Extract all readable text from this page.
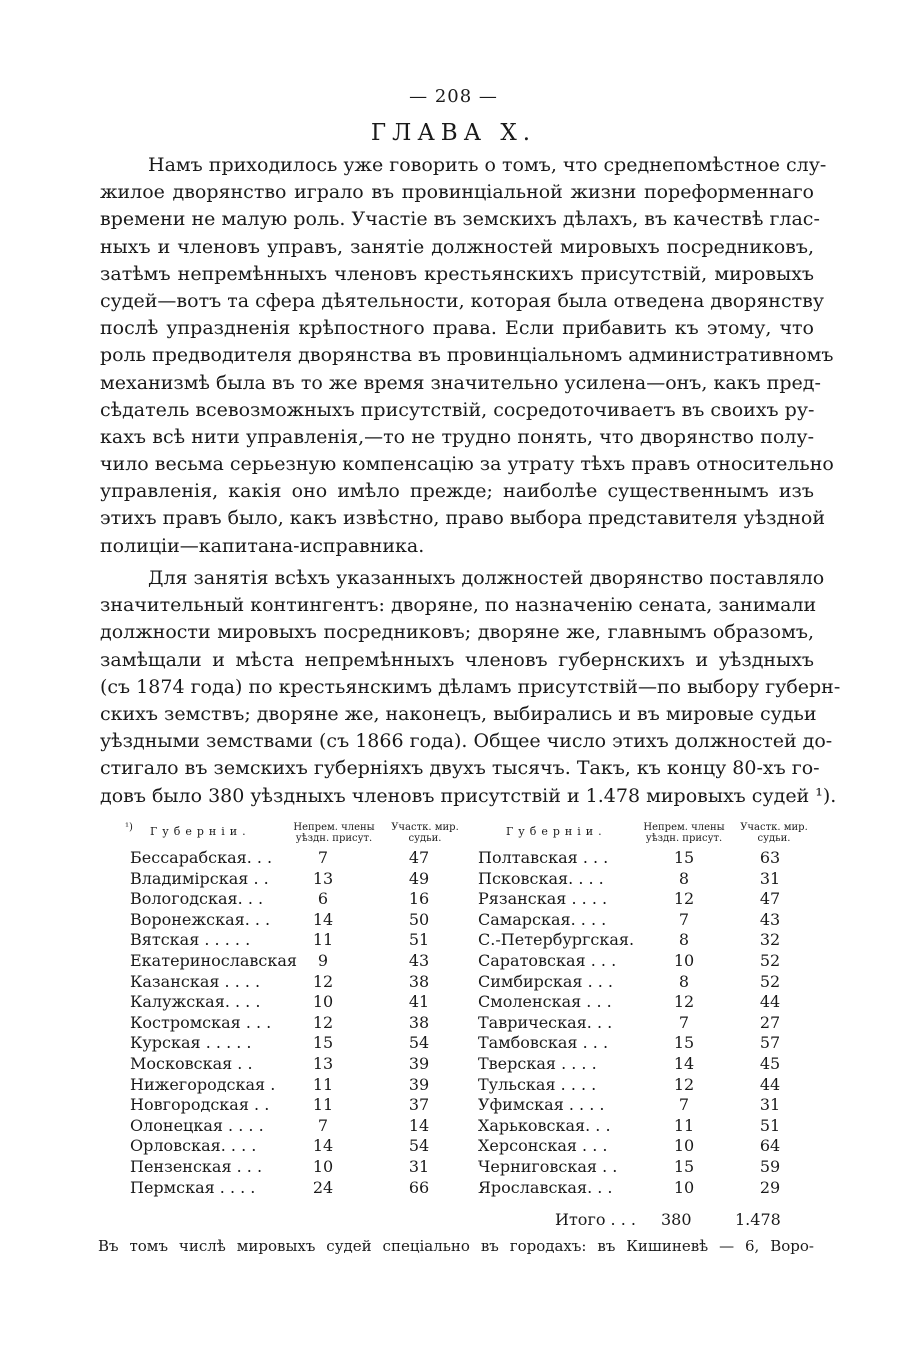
— 208 —
ГЛАВА X.
Намъ приходилось уже говорить о томъ, что среднепомѣстное слу-
жилое дворянство играло въ провинціальной жизни пореформеннаго
времени не малую роль. Участіе въ земскихъ дѣлахъ, въ качествѣ глас-
ныхъ и членовъ управъ, занятіе должностей мировыхъ посредниковъ,
затѣмъ непремѣнныхъ членовъ крестьянскихъ присутствій, мировыхъ
судей—вотъ та сфера дѣятельности, которая была отведена дворянству
послѣ упраздненія крѣпостного права. Если прибавить къ этому, что
роль предводителя дворянства въ провинціальномъ административномъ
механизмѣ была въ то же время значительно усилена—онъ, какъ пред-
сѣдатель всевозможныхъ присутствій, сосредоточиваетъ въ своихъ ру-
кахъ всѣ нити управленія,—то не трудно понять, что дворянство полу-
чило весьма серьезную компенсацію за утрату тѣхъ правъ относительно
управленія, какія оно имѣло прежде; наиболѣе существеннымъ изъ
этихъ правъ было, какъ извѣстно, право выбора представителя уѣздной
полиціи—капитана-исправника.
Для занятія всѣхъ указанныхъ должностей дворянство поставляло
значительный контингентъ: дворяне, по назначенію сената, занимали
должности мировыхъ посредниковъ; дворяне же, главнымъ образомъ,
замѣщали и мѣста непремѣнныхъ членовъ губернскихъ и уѣздныхъ
(съ 1874 года) по крестьянскимъ дѣламъ присутствій—по выбору губерн-
скихъ земствъ; дворяне же, наконецъ, выбирались и въ мировые судьи
уѣздными земствами (съ 1866 года). Общее число этихъ должностей до-
стигало въ земскихъ губерніяхъ двухъ тысячъ. Такъ, къ концу 80-хъ го-
довъ было 380 уѣздныхъ членовъ присутствій и 1.478 мировыхъ судей ¹).
¹) Губерніи.	Непрем. члены
уѣздн. присут.
Участк. мир.
судьи.
Бессарабская. . .	7	47
Владимірская . .	13	49
Вологодская. . .	6	16
Воронежская. . .	14	50
Вятская . . . . .	11	51
Екатеринославская	9	43
Казанская . . . .	12	38
Калужская. . . .	10	41
Костромская . . .	12	38
Курская . . . . .	15	54
Московская . .	13	39
Нижегородская .	11	39
Новгородская . .	11	37
Олонецкая . . . .	7	14
Орловская. . . .	14	54
Пензенская . . .	10	31
Пермская . . . .	24	66
Губерніи.	Непрем. члены
уѣздн. присут.
Участк. мир.
судьи.
Полтавская . . .	15	63
Псковская. . . .	8	31
Рязанская . . . .	12	47
Самарская. . . .	7	43
С.-Петербургская.	8	32
Саратовская . . .	10	52
Симбирская . . .	8	52
Смоленская . . .	12	44
Таврическая. . .	7	27
Тамбовская . . .	15	57
Тверская . . . .	14	45
Тульская . . . .	12	44
Уфимская . . . .	7	31
Харьковская. . .	11	51
Херсонская . . .	10	64
Черниговская . .	15	59
Ярославская. . .	10	29
Итого . . . 380	1.478
Въ томъ числѣ мировыхъ судей спеціально въ городахъ: въ Кишиневѣ — 6, Воро-
